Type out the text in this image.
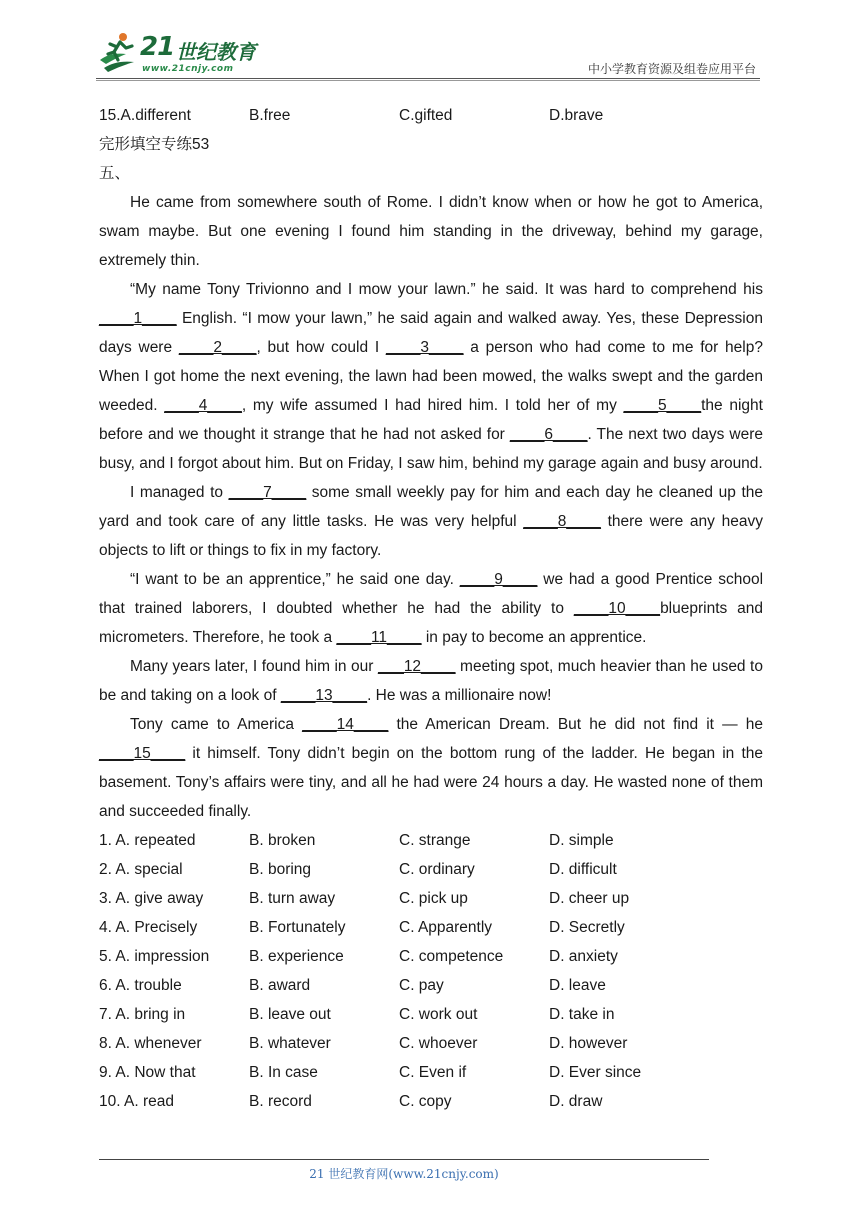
21 世纪教育
www.21cnjy.com	中小学教育资源及组卷应用平台
15.A.different	B.free	C.gifted	D.brave
完形填空专练53
五、

He came from somewhere south of Rome. I didn’t know when or how he got to America, swam maybe. But one evening I found him standing in the driveway, behind my garage, extremely thin.

“My name Tony Trivionno and I mow your lawn.” he said. It was hard to comprehend his ____1____ English. “I mow your lawn,” he said again and walked away. Yes, these Depression days were ____2____, but how could I ____3____ a person who had come to me for help? When I got home the next evening, the lawn had been mowed, the walks swept and the garden weeded. ____4____, my wife assumed I had hired him. I told her of my ____5____the night before and we thought it strange that he had not asked for ____6____. The next two days were busy, and I forgot about him. But on Friday, I saw him, behind my garage again and busy around.

I managed to ____7____ some small weekly pay for him and each day he cleaned up the yard and took care of any little tasks. He was very helpful ____8____ there were any heavy objects to lift or things to fix in my factory.

“I want to be an apprentice,” he said one day. ____9____ we had a good Prentice school that trained laborers, I doubted whether he had the ability to ____10____blueprints and micrometers. Therefore, he took a ____11____ in pay to become an apprentice.

Many years later, I found him in our ___12____ meeting spot, much heavier than he used to be and taking on a look of ____13____. He was a millionaire now!

Tony came to America ____14____ the American Dream. But he did not find it — he ____15____ it himself. Tony didn’t begin on the bottom rung of the ladder. He began in the basement. Tony’s affairs were tiny, and all he had were 24 hours a day. He wasted none of them and succeeded finally.

1. A. repeated	B. broken	C. strange	D. simple
2. A. special	B. boring	C. ordinary	D. difficult
3. A. give away	B. turn away	C. pick up	D. cheer up
4. A. Precisely	B. Fortunately	C. Apparently	D. Secretly
5. A. impression	B. experience	C. competence	D. anxiety
6. A. trouble	B. award	C. pay	D. leave
7. A. bring in	B. leave out	C. work out	D. take in
8. A. whenever	B. whatever	C. whoever	D. however
9. A. Now that	B. In case	C. Even if	D. Ever since
10. A. read	B. record	C. copy	D. draw
21 世纪教育网(www.21cnjy.com)
